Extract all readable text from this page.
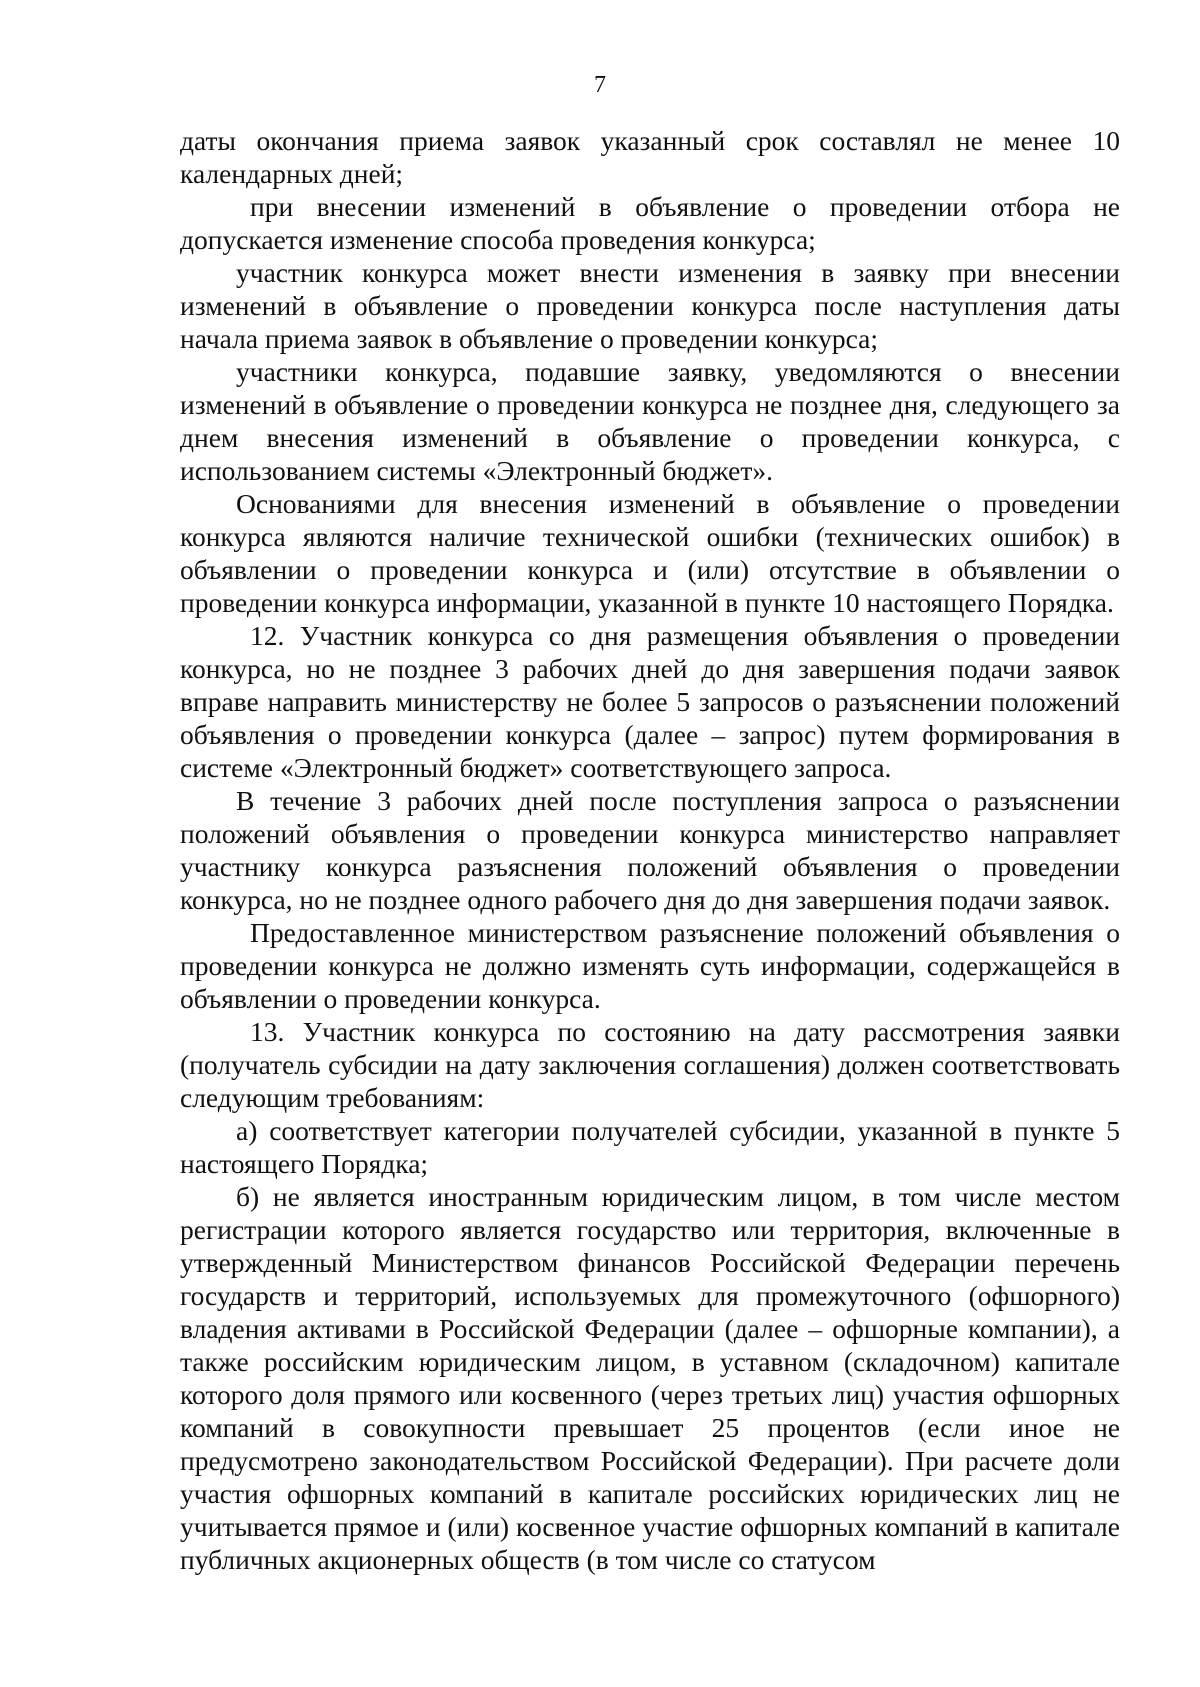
7

даты окончания приема заявок указанный срок составлял не менее 10 календарных дней;

при внесении изменений в объявление о проведении отбора не допускается изменение способа проведения конкурса;

участник конкурса может внести изменения в заявку при внесении изменений в объявление о проведении конкурса после наступления даты начала приема заявок в объявление о проведении конкурса;

участники конкурса, подавшие заявку, уведомляются о внесении изменений в объявление о проведении конкурса не позднее дня, следующего за днем внесения изменений в объявление о проведении конкурса, с использованием системы «Электронный бюджет».

Основаниями для внесения изменений в объявление о проведении конкурса являются наличие технической ошибки (технических ошибок) в объявлении о проведении конкурса и (или) отсутствие в объявлении о проведении конкурса информации, указанной в пункте 10 настоящего Порядка.

12. Участник конкурса со дня размещения объявления о проведении конкурса, но не позднее 3 рабочих дней до дня завершения подачи заявок вправе направить министерству не более 5 запросов о разъяснении положений объявления о проведении конкурса (далее – запрос) путем формирования в системе «Электронный бюджет» соответствующего запроса.

В течение 3 рабочих дней после поступления запроса о разъяснении положений объявления о проведении конкурса министерство направляет участнику конкурса разъяснения положений объявления о проведении конкурса, но не позднее одного рабочего дня до дня завершения подачи заявок.

Предоставленное министерством разъяснение положений объявления о проведении конкурса не должно изменять суть информации, содержащейся в объявлении о проведении конкурса.

13. Участник конкурса по состоянию на дату рассмотрения заявки (получатель субсидии на дату заключения соглашения) должен соответствовать следующим требованиям:

а) соответствует категории получателей субсидии, указанной в пункте 5 настоящего Порядка;

б) не является иностранным юридическим лицом, в том числе местом регистрации которого является государство или территория, включенные в утвержденный Министерством финансов Российской Федерации перечень государств и территорий, используемых для промежуточного (офшорного) владения активами в Российской Федерации (далее – офшорные компании), а также российским юридическим лицом, в уставном (складочном) капитале которого доля прямого или косвенного (через третьих лиц) участия офшорных компаний в совокупности превышает 25 процентов (если иное не предусмотрено законодательством Российской Федерации). При расчете доли участия офшорных компаний в капитале российских юридических лиц не учитывается прямое и (или) косвенное участие офшорных компаний в капитале публичных акционерных обществ (в том числе со статусом
